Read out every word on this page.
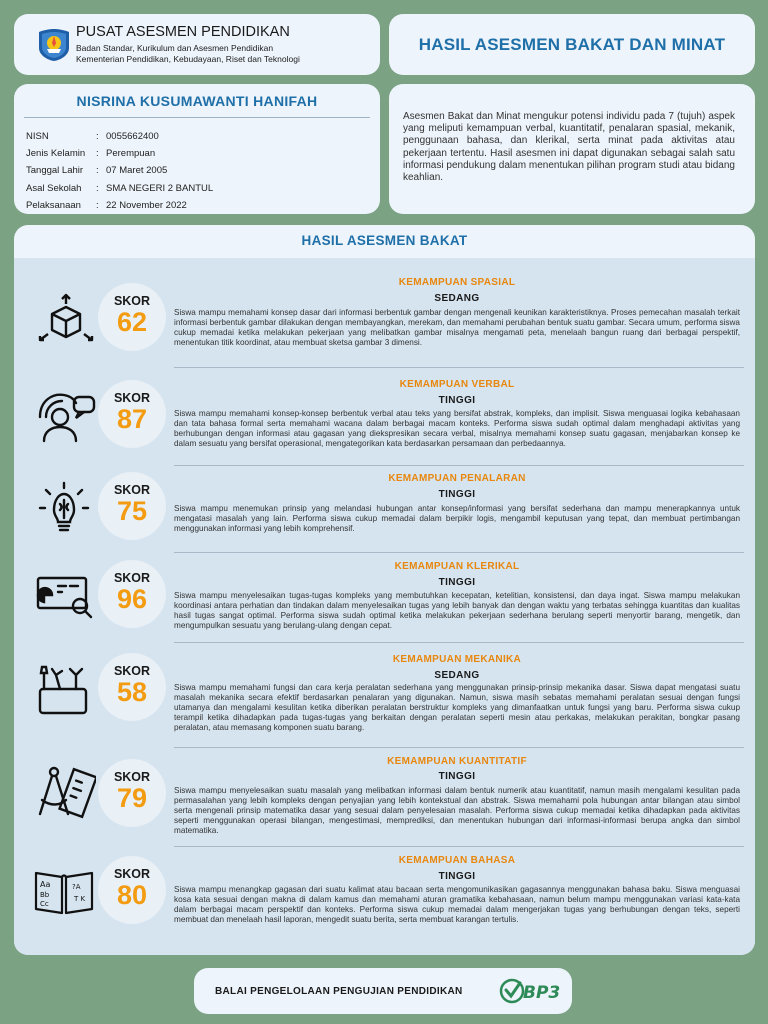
PUSAT ASESMEN PENDIDIKAN
Badan Standar, Kurikulum dan Asesmen Pendidikan
Kementerian Pendidikan, Kebudayaan, Riset dan Teknologi
HASIL ASESMEN BAKAT DAN MINAT
NISRINA KUSUMAWANTI HANIFAH
NISN	: 0055662400
Jenis Kelamin	: Perempuan
Tanggal Lahir	: 07 Maret 2005
Asal Sekolah	: SMA NEGERI 2 BANTUL
Pelaksanaan	: 22 November 2022

Asesmen Bakat dan Minat mengukur potensi individu pada 7 (tujuh) aspek yang meliputi kemampuan verbal, kuantitatif, penalaran spasial, mekanik, penggunaan bahasa, dan klerikal, serta minat pada aktivitas atau pekerjaan tertentu. Hasil asesmen ini dapat digunakan sebagai salah satu informasi pendukung dalam menentukan pilihan program studi atau bidang keahlian.

HASIL ASESMEN BAKAT
SKOR
62
KEMAMPUAN SPASIAL
SEDANG
Siswa mampu memahami konsep dasar dari informasi berbentuk gambar dengan mengenali keunikan karakteristiknya. Proses pemecahan masalah terkait informasi berbentuk gambar dilakukan dengan membayangkan, merekam, dan memahami perubahan bentuk suatu gambar. Secara umum, performa siswa cukup memadai ketika melakukan pekerjaan yang melibatkan gambar misalnya mengamati peta, menelaah bangun ruang dari berbagai perspektif, menentukan titik koordinat, atau membuat sketsa gambar 3 dimensi.
SKOR
87
KEMAMPUAN VERBAL
TINGGI
Siswa mampu memahami konsep-konsep berbentuk verbal atau teks yang bersifat abstrak, kompleks, dan implisit. Siswa menguasai logika kebahasaan dan tata bahasa formal serta memahami wacana dalam berbagai macam konteks. Performa siswa sudah optimal dalam menghadapi aktivitas yang berhubungan dengan informasi atau gagasan yang diekspresikan secara verbal, misalnya memahami konsep suatu gagasan, menjabarkan konsep ke dalam sesuatu yang bersifat operasional, mengategorikan kata berdasarkan persamaan dan perbedaannya.
SKOR
75
KEMAMPUAN PENALARAN
TINGGI
Siswa mampu menemukan prinsip yang melandasi hubungan antar konsep/informasi yang bersifat sederhana dan mampu menerapkannya untuk mengatasi masalah yang lain. Performa siswa cukup memadai dalam berpikir logis, mengambil keputusan yang tepat, dan membuat pertimbangan menggunakan informasi yang lebih komprehensif.
SKOR
96
KEMAMPUAN KLERIKAL
TINGGI
Siswa mampu menyelesaikan tugas-tugas kompleks yang membutuhkan kecepatan, ketelitian, konsistensi, dan daya ingat. Siswa mampu melakukan koordinasi antara perhatian dan tindakan dalam menyelesaikan tugas yang lebih banyak dan dengan waktu yang terbatas sehingga kuantitas dan kualitas hasil tugas sangat optimal. Performa siswa sudah optimal ketika melakukan pekerjaan sederhana berulang seperti menyortir barang, mengetik, dan mengumpulkan sesuatu yang berulang-ulang dengan cepat.
SKOR
58
KEMAMPUAN MEKANIKA
SEDANG
Siswa mampu memahami fungsi dan cara kerja peralatan sederhana yang menggunakan prinsip-prinsip mekanika dasar. Siswa dapat mengatasi suatu masalah mekanika secara efektif berdasarkan penalaran yang digunakan. Namun, siswa masih sebatas memahami peralatan sesuai dengan fungsi utamanya dan mengalami kesulitan ketika diberikan peralatan berstruktur kompleks yang dimanfaatkan untuk fungsi yang baru. Performa siswa cukup terampil ketika dihadapkan pada tugas-tugas yang berkaitan dengan peralatan seperti mesin atau perkakas, melakukan perakitan, bongkar pasang peralatan, atau memasang komponen suatu barang.
SKOR
79
KEMAMPUAN KUANTITATIF
TINGGI
Siswa mampu menyelesaikan suatu masalah yang melibatkan informasi dalam bentuk numerik atau kuantitatif, namun masih mengalami kesulitan pada permasalahan yang lebih kompleks dengan penyajian yang lebih kontekstual dan abstrak. Siswa memahami pola hubungan antar bilangan atau simbol serta mengenali prinsip matematika dasar yang sesuai dalam penyelesaian masalah. Performa siswa cukup memadai ketika dihadapkan pada aktivitas seperti menggunakan operasi bilangan, mengestimasi, memprediksi, dan menentukan hubungan dari informasi-informasi berupa angka dan simbol matematika.
Aa
Bb
Cc
?A
T K
SKOR
80
KEMAMPUAN BAHASA
TINGGI
Siswa mampu menangkap gagasan dari suatu kalimat atau bacaan serta mengomunikasikan gagasannya menggunakan bahasa baku. Siswa menguasai kosa kata sesuai dengan makna di dalam kamus dan memahami aturan gramatika kebahasaan, namun belum mampu menggunakan variasi kata-kata dalam berbagai macam perspektif dan konteks. Performa siswa cukup memadai dalam mengerjakan tugas yang berhubungan dengan teks, seperti membuat dan menelaah hasil laporan, mengedit suatu berita, serta membuat karangan tertulis.
BALAI PENGELOLAAN PENGUJIAN PENDIDIKAN	BP3
